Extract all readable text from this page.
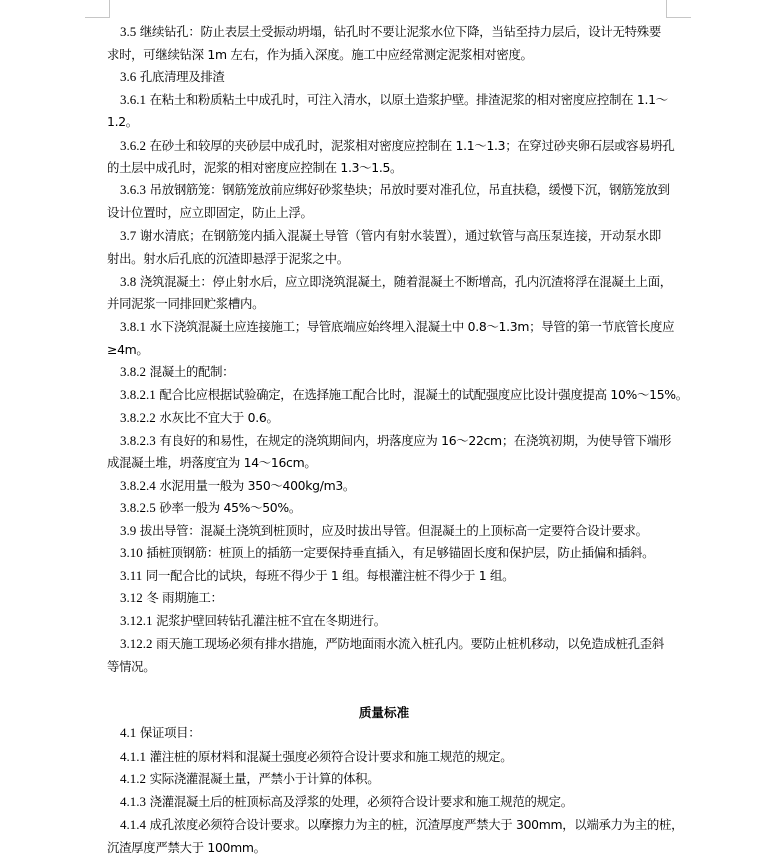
3.5 继续钻孔：防止表层土受振动坍塌，钻孔时不要让泥浆水位下降，当钻至持力层后，设计无特殊要
求时，可继续钻深 1m 左右，作为插入深度。施工中应经常测定泥浆相对密度。
3.6 孔底清理及排渣
3.6.1 在粘土和粉质粘土中成孔时，可注入清水，以原土造浆护壁。排渣泥浆的相对密度应控制在 1.1～
1.2。
3.6.2 在砂土和较厚的夹砂层中成孔时，泥浆相对密度应控制在 1.1～1.3；在穿过砂夹卵石层或容易坍孔
的土层中成孔时，泥浆的相对密度应控制在 1.3～1.5。
3.6.3 吊放钢筋笼：钢筋笼放前应绑好砂浆垫块；吊放时要对准孔位，吊直扶稳，缓慢下沉，钢筋笼放到
设计位置时，应立即固定，防止上浮。
3.7 谢水清底；在钢筋笼内插入混凝土导管（管内有射水装置），通过软管与高压泵连接，开动泵水即
射出。射水后孔底的沉渣即悬浮于泥浆之中。
3.8 浇筑混凝土：停止射水后，应立即浇筑混凝土，随着混凝土不断增高，孔内沉渣将浮在混凝土上面，
并同泥浆一同排回贮浆槽内。
3.8.1 水下浇筑混凝土应连接施工；导管底端应始终埋入混凝土中 0.8～1.3m；导管的第一节底管长度应
≥4m。
3.8.2 混凝土的配制：
3.8.2.1 配合比应根据试验确定，在选择施工配合比时，混凝土的试配强度应比设计强度提高 10%～15%。
3.8.2.2 水灰比不宜大于 0.6。
3.8.2.3 有良好的和易性，在规定的浇筑期间内，坍落度应为 16～22cm；在浇筑初期，为使导管下端形
成混凝土堆，坍落度宜为 14～16cm。
3.8.2.4 水泥用量一般为 350～400kg/m3。
3.8.2.5 砂率一般为 45%～50%。
3.9 拔出导管：混凝土浇筑到桩顶时，应及时拔出导管。但混凝土的上顶标高一定要符合设计要求。
3.10 插桩顶钢筋：桩顶上的插筋一定要保持垂直插入，有足够锚固长度和保护层，防止插偏和插斜。
3.11 同一配合比的试块，每班不得少于 1 组。每根灌注桩不得少于 1 组。
3.12 冬 雨期施工：
3.12.1 泥浆护壁回转钻孔灌注桩不宜在冬期进行。
3.12.2 雨天施工现场必须有排水措施，严防地面雨水流入桩孔内。要防止桩机移动，以免造成桩孔歪斜
等情况。
4.1 保证项目：
4.1.1 灌注桩的原材料和混凝土强度必须符合设计要求和施工规范的规定。
4.1.2 实际浇灌混凝土量，严禁小于计算的体积。
4.1.3 浇灌混凝土后的桩顶标高及浮浆的处理，必须符合设计要求和施工规范的规定。
4.1.4 成孔浓度必须符合设计要求。以摩擦力为主的桩，沉渣厚度严禁大于 300mm，以端承力为主的桩，
沉渣厚度严禁大于 100mm。
质量标准
